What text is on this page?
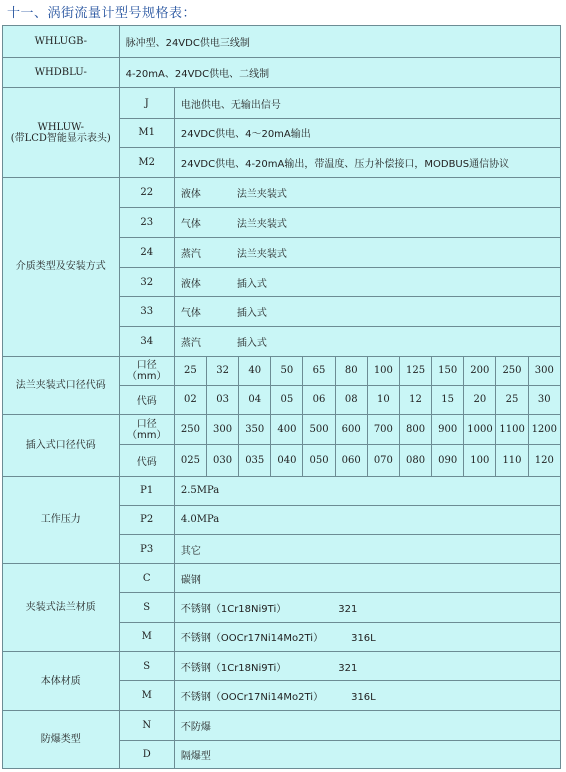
十一、涡街流量计型号规格表：
WHLUGB-	脉冲型、24VDC供电三线制												
WHDBLU-	4-20mA、24VDC供电、二线制												

WHLUW-
(带LCD智能显示表头)	J	电池供电、无输出信号											
	M1	24VDC供电、4～20mA输出											
	M2	24VDC供电、4-20mA输出，带温度、压力补偿接口，MODBUS通信协议											
介质类型及安装方式	22	液体 法兰夹装式											
	23	气体 法兰夹装式											
	24	蒸汽 法兰夹装式											
	32	液体 插入式											
	33	气体 插入式											
	34	蒸汽 插入式											
法兰夹装式口径代码	口径
（mm）	25	32	40	50	65	80	100	125	150	200	250	300
	代码	02	03	04	05	06	08	10	12	15	20	25	30
插入式口径代码	口径
（mm）	250	300	350	400	500	600	700	800	900	1000	1100	1200
	代码	025	030	035	040	050	060	070	080	090	100	110	120
工作压力	P1	2.5MPa											
	P2	4.0MPa											
	P3	其它											
夹装式法兰材质	C	碳钢											
	S	不锈钢（1Cr18Ni9Ti） 321											
	M	不锈钢（OOCr17Ni14Mo2Ti） 316L											
本体材质	S	不锈钢（1Cr18Ni9Ti） 321											
	M	不锈钢（OOCr17Ni14Mo2Ti） 316L											
防爆类型	N	不防爆											
	D	隔爆型											
